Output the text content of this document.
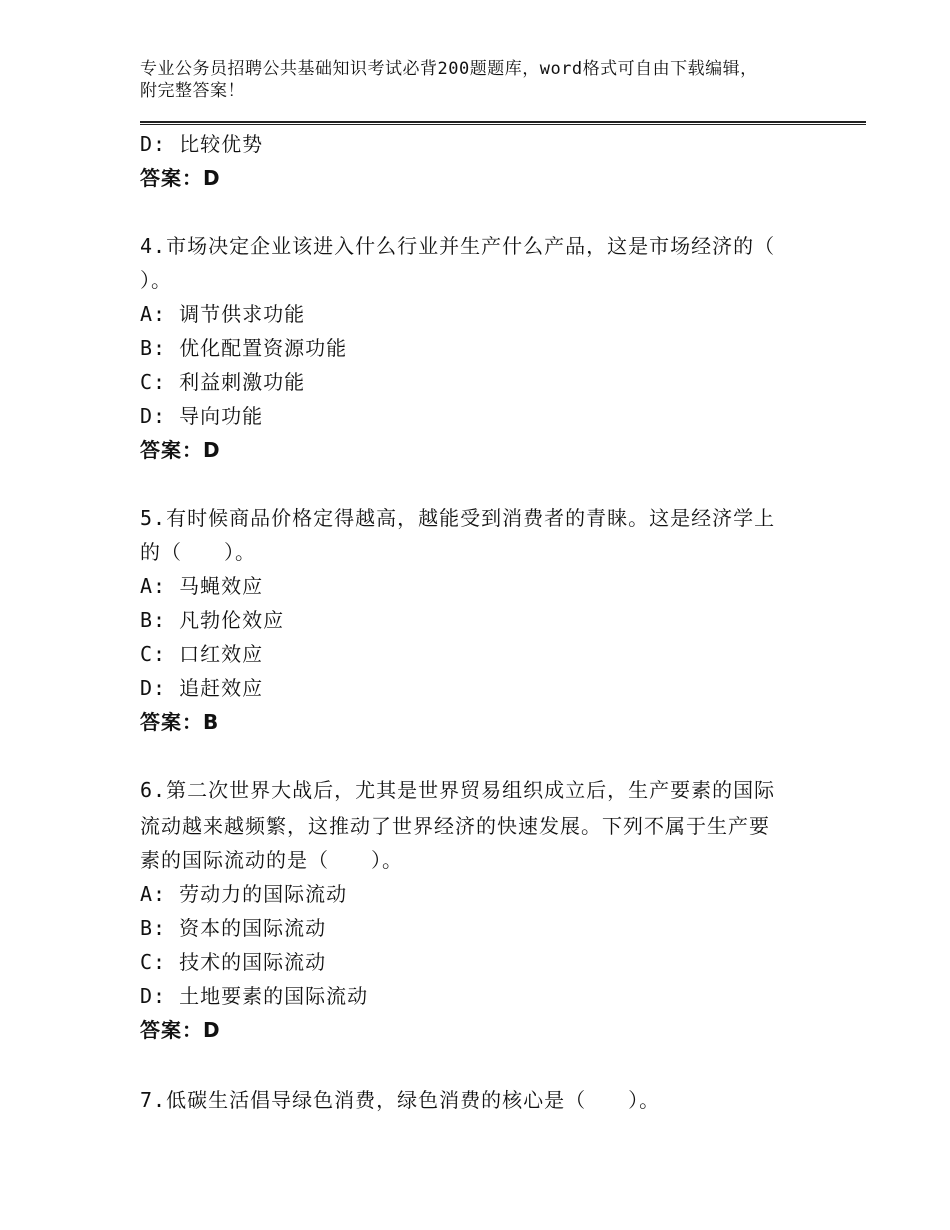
专业公务员招聘公共基础知识考试必背200题题库，word格式可自由下载编辑，
附完整答案！
D: 比较优势
答案：D
4.市场决定企业该进入什么行业并生产什么产品，这是市场经济的（
）。
A: 调节供求功能
B: 优化配置资源功能
C: 利益刺激功能
D: 导向功能
答案：D
5.有时候商品价格定得越高，越能受到消费者的青睐。这是经济学上
的（　　）。
A: 马蝇效应
B: 凡勃伦效应
C: 口红效应
D: 追赶效应
答案：B
6.第二次世界大战后，尤其是世界贸易组织成立后，生产要素的国际
流动越来越频繁，这推动了世界经济的快速发展。下列不属于生产要
素的国际流动的是（　　）。
A: 劳动力的国际流动
B: 资本的国际流动
C: 技术的国际流动
D: 土地要素的国际流动
答案：D
7.低碳生活倡导绿色消费，绿色消费的核心是（　　）。
